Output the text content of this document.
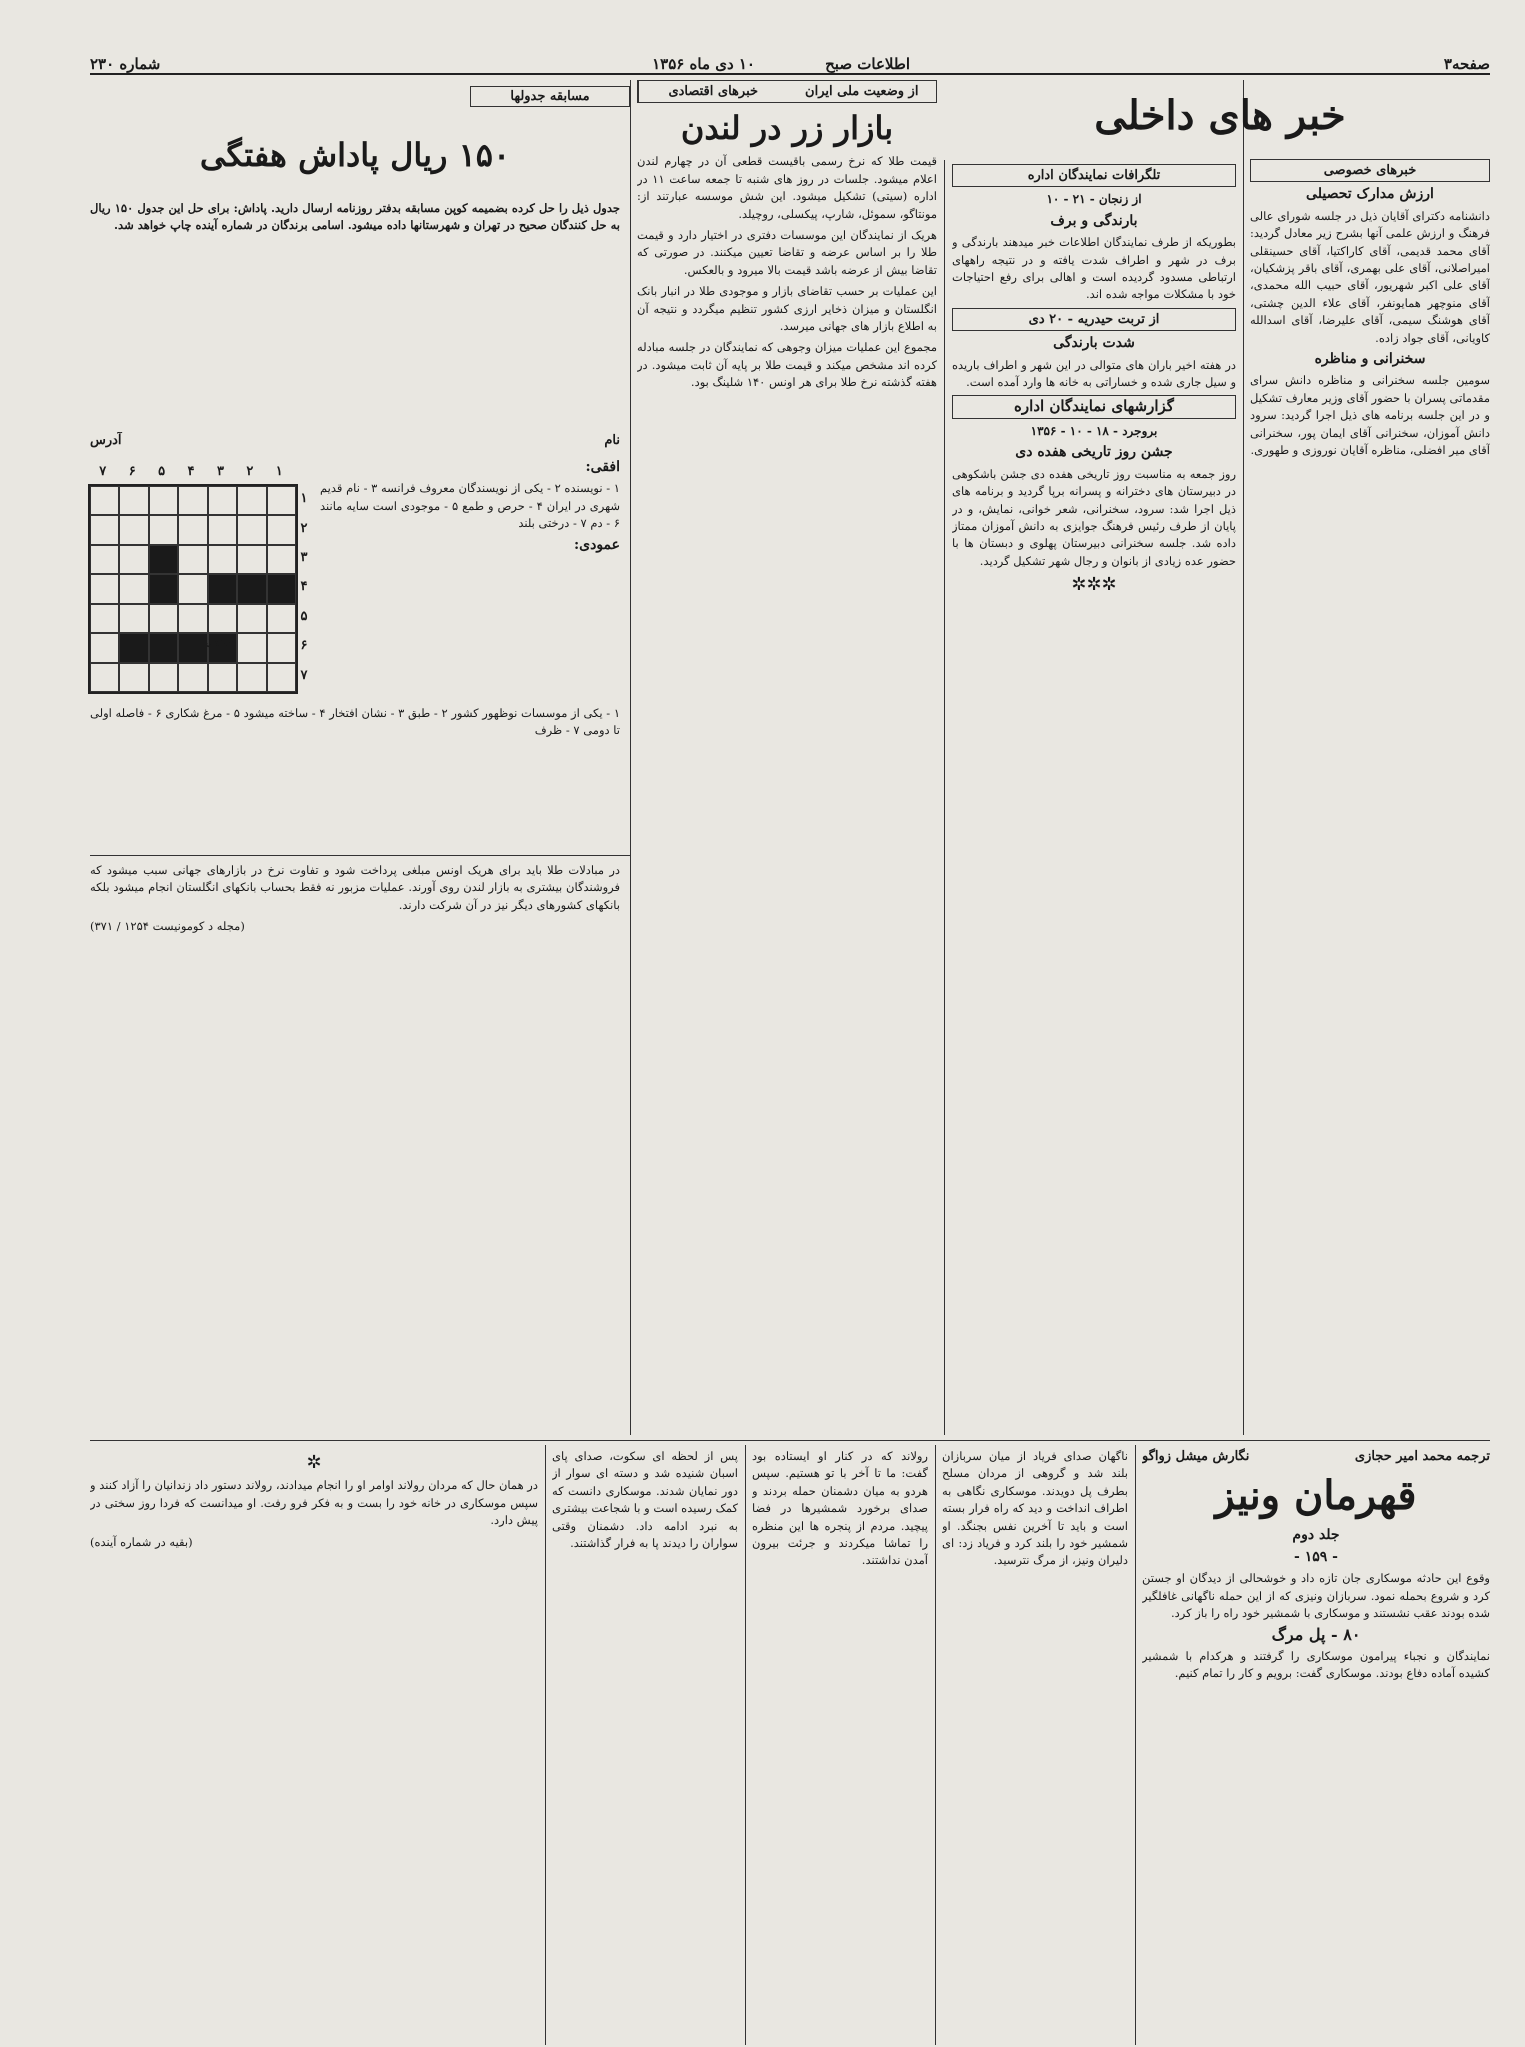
صفحه۳
اطلاعات صبح
۱۰ دی ماه ۱۳۵۶
شماره ۲۳۰
خبرهای خصوصی
ارزش مدارک تحصیلی

دانشنامه دکترای آقایان ذیل در جلسه شورای عالی فرهنگ و ارزش علمی آنها بشرح زیر معادل گردید: آقای محمد قدیمی، آقای کاراکتیا، آقای حسینقلی امیراصلانی، آقای علی بهمری، آقای باقر پزشکیان، آقای علی اکبر شهریور، آقای حبیب الله محمدی، آقای منوچهر همایونفر، آقای علاء الدین چشتی، آقای هوشنگ سیمی، آقای علیرضا، آقای اسدالله کاویانی، آقای جواد زاده.

سخنرانی و مناظره

سومین جلسه سخنرانی و مناظره دانش سرای مقدماتی پسران با حضور آقای وزیر معارف تشکیل و در این جلسه برنامه های ذیل اجرا گردید: سرود دانش آموزان، سخنرانی آقای ایمان پور، سخنرانی آقای میر افضلی، مناظره آقایان نوروزی و طهوری.

خبر های داخلی
تلگرافات نمایندگان اداره
از زنجان - ۲۱ - ۱۰
بارندگی و برف

بطوریکه از طرف نمایندگان اطلاعات خبر میدهند بارندگی و برف در شهر و اطراف شدت یافته و در نتیجه راههای ارتباطی مسدود گردیده است و اهالی برای رفع احتیاجات خود با مشکلات مواجه شده اند.

از تربت حیدریه - ۲۰ دی
شدت بارندگی

در هفته اخیر باران های متوالی در این شهر و اطراف باریده و سیل جاری شده و خساراتی به خانه ها وارد آمده است.

گزارشهای نمایندگان اداره
بروجرد - ۱۸ - ۱۰ - ۱۳۵۶
جشن روز تاریخی هفده دی

روز جمعه به مناسبت روز تاریخی هفده دی جشن باشکوهی در دبیرستان های دخترانه و پسرانه برپا گردید و برنامه های ذیل اجرا شد: سرود، سخنرانی، شعر خوانی، نمایش، و در پایان از طرف رئیس فرهنگ جوایزی به دانش آموزان ممتاز داده شد. جلسه سخنرانی دبیرستان پهلوی و دبستان ها با حضور عده زیادی از بانوان و رجال شهر تشکیل گردید.

✲✲✲
خبرهای اقتصادی	از وضعیت ملی ایران
بازار زر در لندن

قیمت طلا که نرخ رسمی باقیست قطعی آن در چهارم لندن اعلام میشود. جلسات در روز های شنبه تا جمعه ساعت ۱۱ در اداره (سیتی) تشکیل میشود. این شش موسسه عبارتند از: مونتاگو، سموئل، شارپ، پیکسلی، روچیلد.

هریک از نمایندگان این موسسات دفتری در اختیار دارد و قیمت طلا را بر اساس عرضه و تقاضا تعیین میکنند. در صورتی که تقاضا بیش از عرضه باشد قیمت بالا میرود و بالعکس.

این عملیات بر حسب تقاضای بازار و موجودی طلا در انبار بانک انگلستان و میزان ذخایر ارزی کشور تنظیم میگردد و نتیجه آن به اطلاع بازار های جهانی میرسد.

مجموع این عملیات میزان وجوهی که نمایندگان در جلسه مبادله کرده اند مشخص میکند و قیمت طلا بر پایه آن ثابت میشود. در هفته گذشته نرخ طلا برای هر اونس ۱۴۰ شلینگ بود.

مسابقه جدولها
۱۵۰ ریال پاداش هفتگی

جدول ذیل را حل کرده بضمیمه کوپن مسابقه بدفتر روزنامه ارسال دارید. پاداش: برای حل این جدول ۱۵۰ ریال به حل کنندگان صحیح در تهران و شهرستانها داده میشود. اسامی برندگان در شماره آینده چاپ خواهد شد.

نام
آدرس
۱
۲
۳
۴
۵
۶
۷
۱
۲
۳
۴
۵
۶
۷
حدول
افقی:

۱ - نویسنده ۲ - یکی از نویسندگان معروف فرانسه ۳ - نام قدیم شهری در ایران ۴ - حرص و طمع ۵ - موجودی است سایه مانند ۶ - دم ۷ - درختی بلند

عمودی:

۱ - یکی از موسسات نوظهور کشور ۲ - طبق ۳ - نشان افتخار ۴ - ساخته میشود ۵ - مرغ شکاری ۶ - فاصله اولی تا دومی ۷ - ظرف

در مبادلات طلا باید برای هریک اونس مبلغی پرداخت شود و تفاوت نرخ در بازارهای جهانی سبب میشود که فروشندگان بیشتری به بازار لندن روی آورند. عملیات مزبور نه فقط بحساب بانکهای انگلستان انجام میشود بلکه بانکهای کشورهای دیگر نیز در آن شرکت دارند.

(مجله د کومونیست ۱۲۵۴ / ۳۷۱)

نگارش میشل زواگو	ترجمه محمد امیر حجازی
قهرمان ونیز
جلد دوم
- ۱۵۹ -

وقوع این حادثه موسکاری جان تازه داد و خوشحالی از دیدگان او جستن کرد و شروع بحمله نمود. سربازان ونیزی که از این حمله ناگهانی غافلگیر شده بودند عقب نشستند و موسکاری با شمشیر خود راه را باز کرد.

۸۰ - پل مرگ

نمایندگان و نجباء پیرامون موسکاری را گرفتند و هرکدام با شمشیر کشیده آماده دفاع بودند. موسکاری گفت: برویم و کار را تمام کنیم.

ناگهان صدای فریاد از میان سربازان بلند شد و گروهی از مردان مسلح بطرف پل دویدند. موسکاری نگاهی به اطراف انداخت و دید که راه فرار بسته است و باید تا آخرین نفس بجنگد. او شمشیر خود را بلند کرد و فریاد زد: ای دلیران ونیز، از مرگ نترسید.

رولاند که در کنار او ایستاده بود گفت: ما تا آخر با تو هستیم. سپس هردو به میان دشمنان حمله بردند و صدای برخورد شمشیرها در فضا پیچید. مردم از پنجره ها این منظره را تماشا میکردند و جرئت بیرون آمدن نداشتند.

پس از لحظه ای سکوت، صدای پای اسبان شنیده شد و دسته ای سوار از دور نمایان شدند. موسکاری دانست که کمک رسیده است و با شجاعت بیشتری به نبرد ادامه داد. دشمنان وقتی سواران را دیدند پا به فرار گذاشتند.

✲

در همان حال که مردان رولاند اوامر او را انجام میدادند، رولاند دستور داد زندانیان را آزاد کنند و سپس موسکاری در خانه خود را بست و به فکر فرو رفت. او میدانست که فردا روز سختی در پیش دارد.

(بقیه در شماره آینده)
